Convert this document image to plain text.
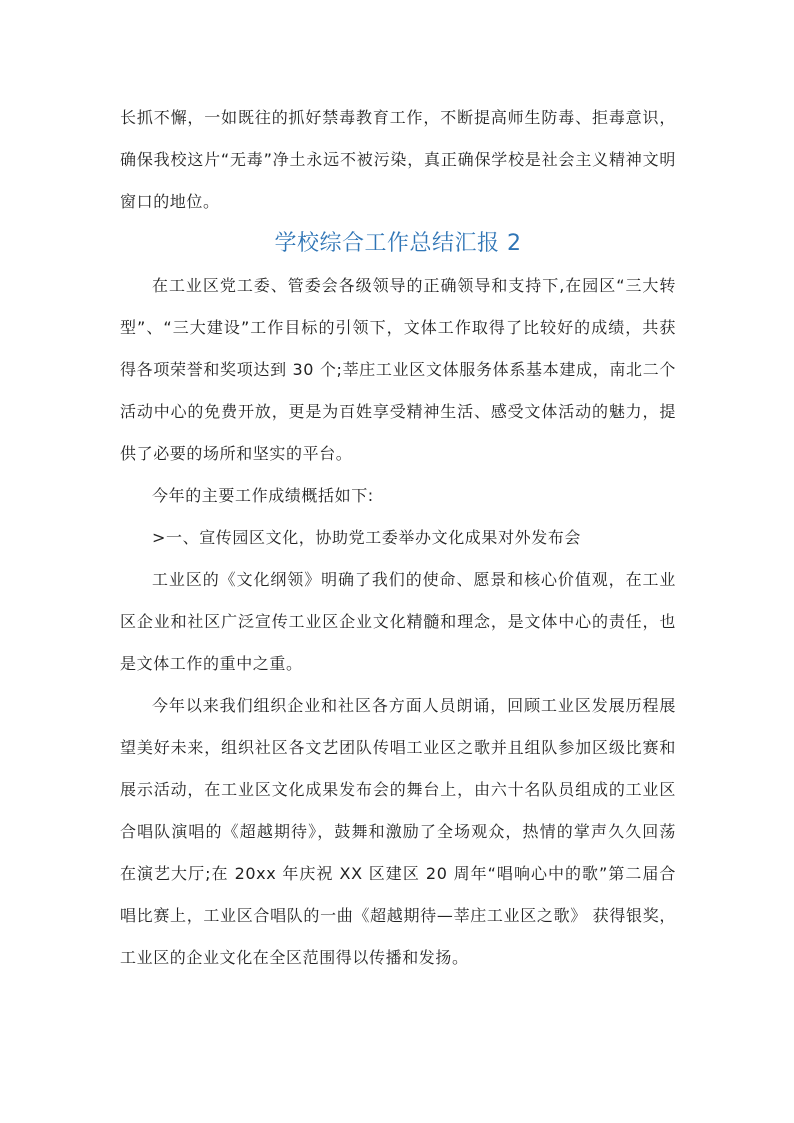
长抓不懈，一如既往的抓好禁毒教育工作，不断提高师生防毒、拒毒意识，确保我校这片“无毒”净土永远不被污染，真正确保学校是社会主义精神文明窗口的地位。

学校综合工作总结汇报 2

在工业区党工委、管委会各级领导的正确领导和支持下,在园区“三大转型”、“三大建设”工作目标的引领下，文体工作取得了比较好的成绩，共获得各项荣誉和奖项达到 30 个;莘庄工业区文体服务体系基本建成，南北二个活动中心的免费开放，更是为百姓享受精神生活、感受文体活动的魅力，提供了必要的场所和坚实的平台。

今年的主要工作成绩概括如下:

>一、宣传园区文化，协助党工委举办文化成果对外发布会

工业区的《文化纲领》明确了我们的使命、愿景和核心价值观，在工业区企业和社区广泛宣传工业区企业文化精髓和理念，是文体中心的责任，也是文体工作的重中之重。

今年以来我们组织企业和社区各方面人员朗诵，回顾工业区发展历程展望美好未来，组织社区各文艺团队传唱工业区之歌并且组队参加区级比赛和展示活动，在工业区文化成果发布会的舞台上，由六十名队员组成的工业区合唱队演唱的《超越期待》，鼓舞和激励了全场观众，热情的掌声久久回荡在演艺大厅;在 20xx 年庆祝 XX 区建区 20 周年“唱响心中的歌”第二届合唱比赛上，工业区合唱队的一曲《超越期待—莘庄工业区之歌》 获得银奖，工业区的企业文化在全区范围得以传播和发扬。
